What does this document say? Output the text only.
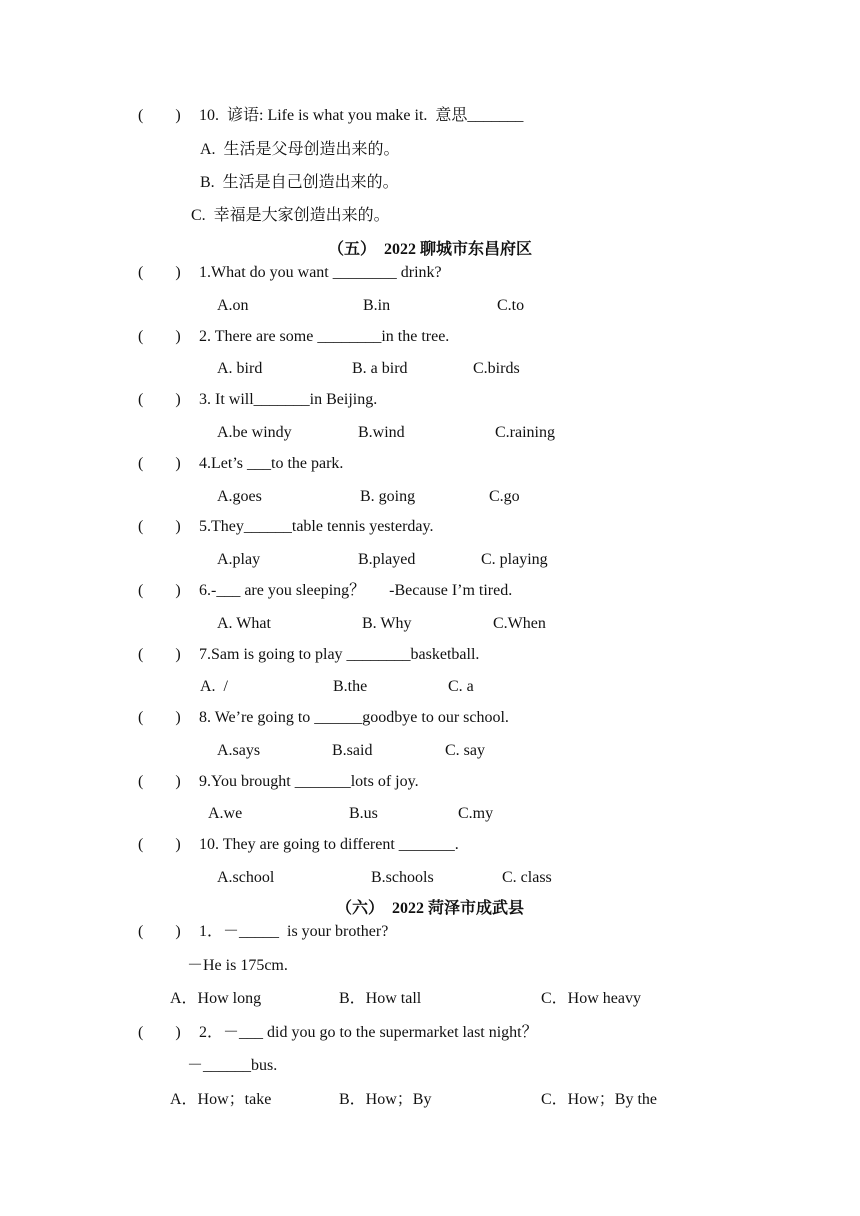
(        ) 10.  谚语: Life is what you make it.  意思_______
A.  生活是父母创造出来的。
B.  生活是自己创造出来的。
C.  幸福是大家创造出来的。
（五）  2022 聊城市东昌府区
(        ) 1.What do you want ________ drink?
A.on	B.in	C.to
(        ) 2. There are some ________in the tree.
A. bird	B. a bird	C.birds
(        ) 3. It will_______in Beijing.
A.be windy	B.wind	C.raining
(        ) 4.Let’s ___to the park.
A.goes	B. going	C.go
(        ) 5.They______table tennis yesterday.
A.play	B.played	C. playing
(        ) 6.-___ are you sleeping？      -Because I’m tired.
A. What	B. Why	C.When
(        ) 7.Sam is going to play ________basketball.
A.  /	B.the	C. a
(        ) 8. We’re going to ______goodbye to our school.
A.says	B.said	C. say
(        ) 9.You brought _______lots of joy.
A.we	B.us	C.my
(        ) 10. They are going to different _______.
A.school	B.schools	C. class
（六）  2022 菏泽市成武县
(        ) 1．－_____  is your brother?
－He is 175cm.
A．How long	B．How tall	C．How heavy
(        ) 2．－___ did you go to the supermarket last night？
－______bus.
A．How；take	B．How；By	C．How；By the
